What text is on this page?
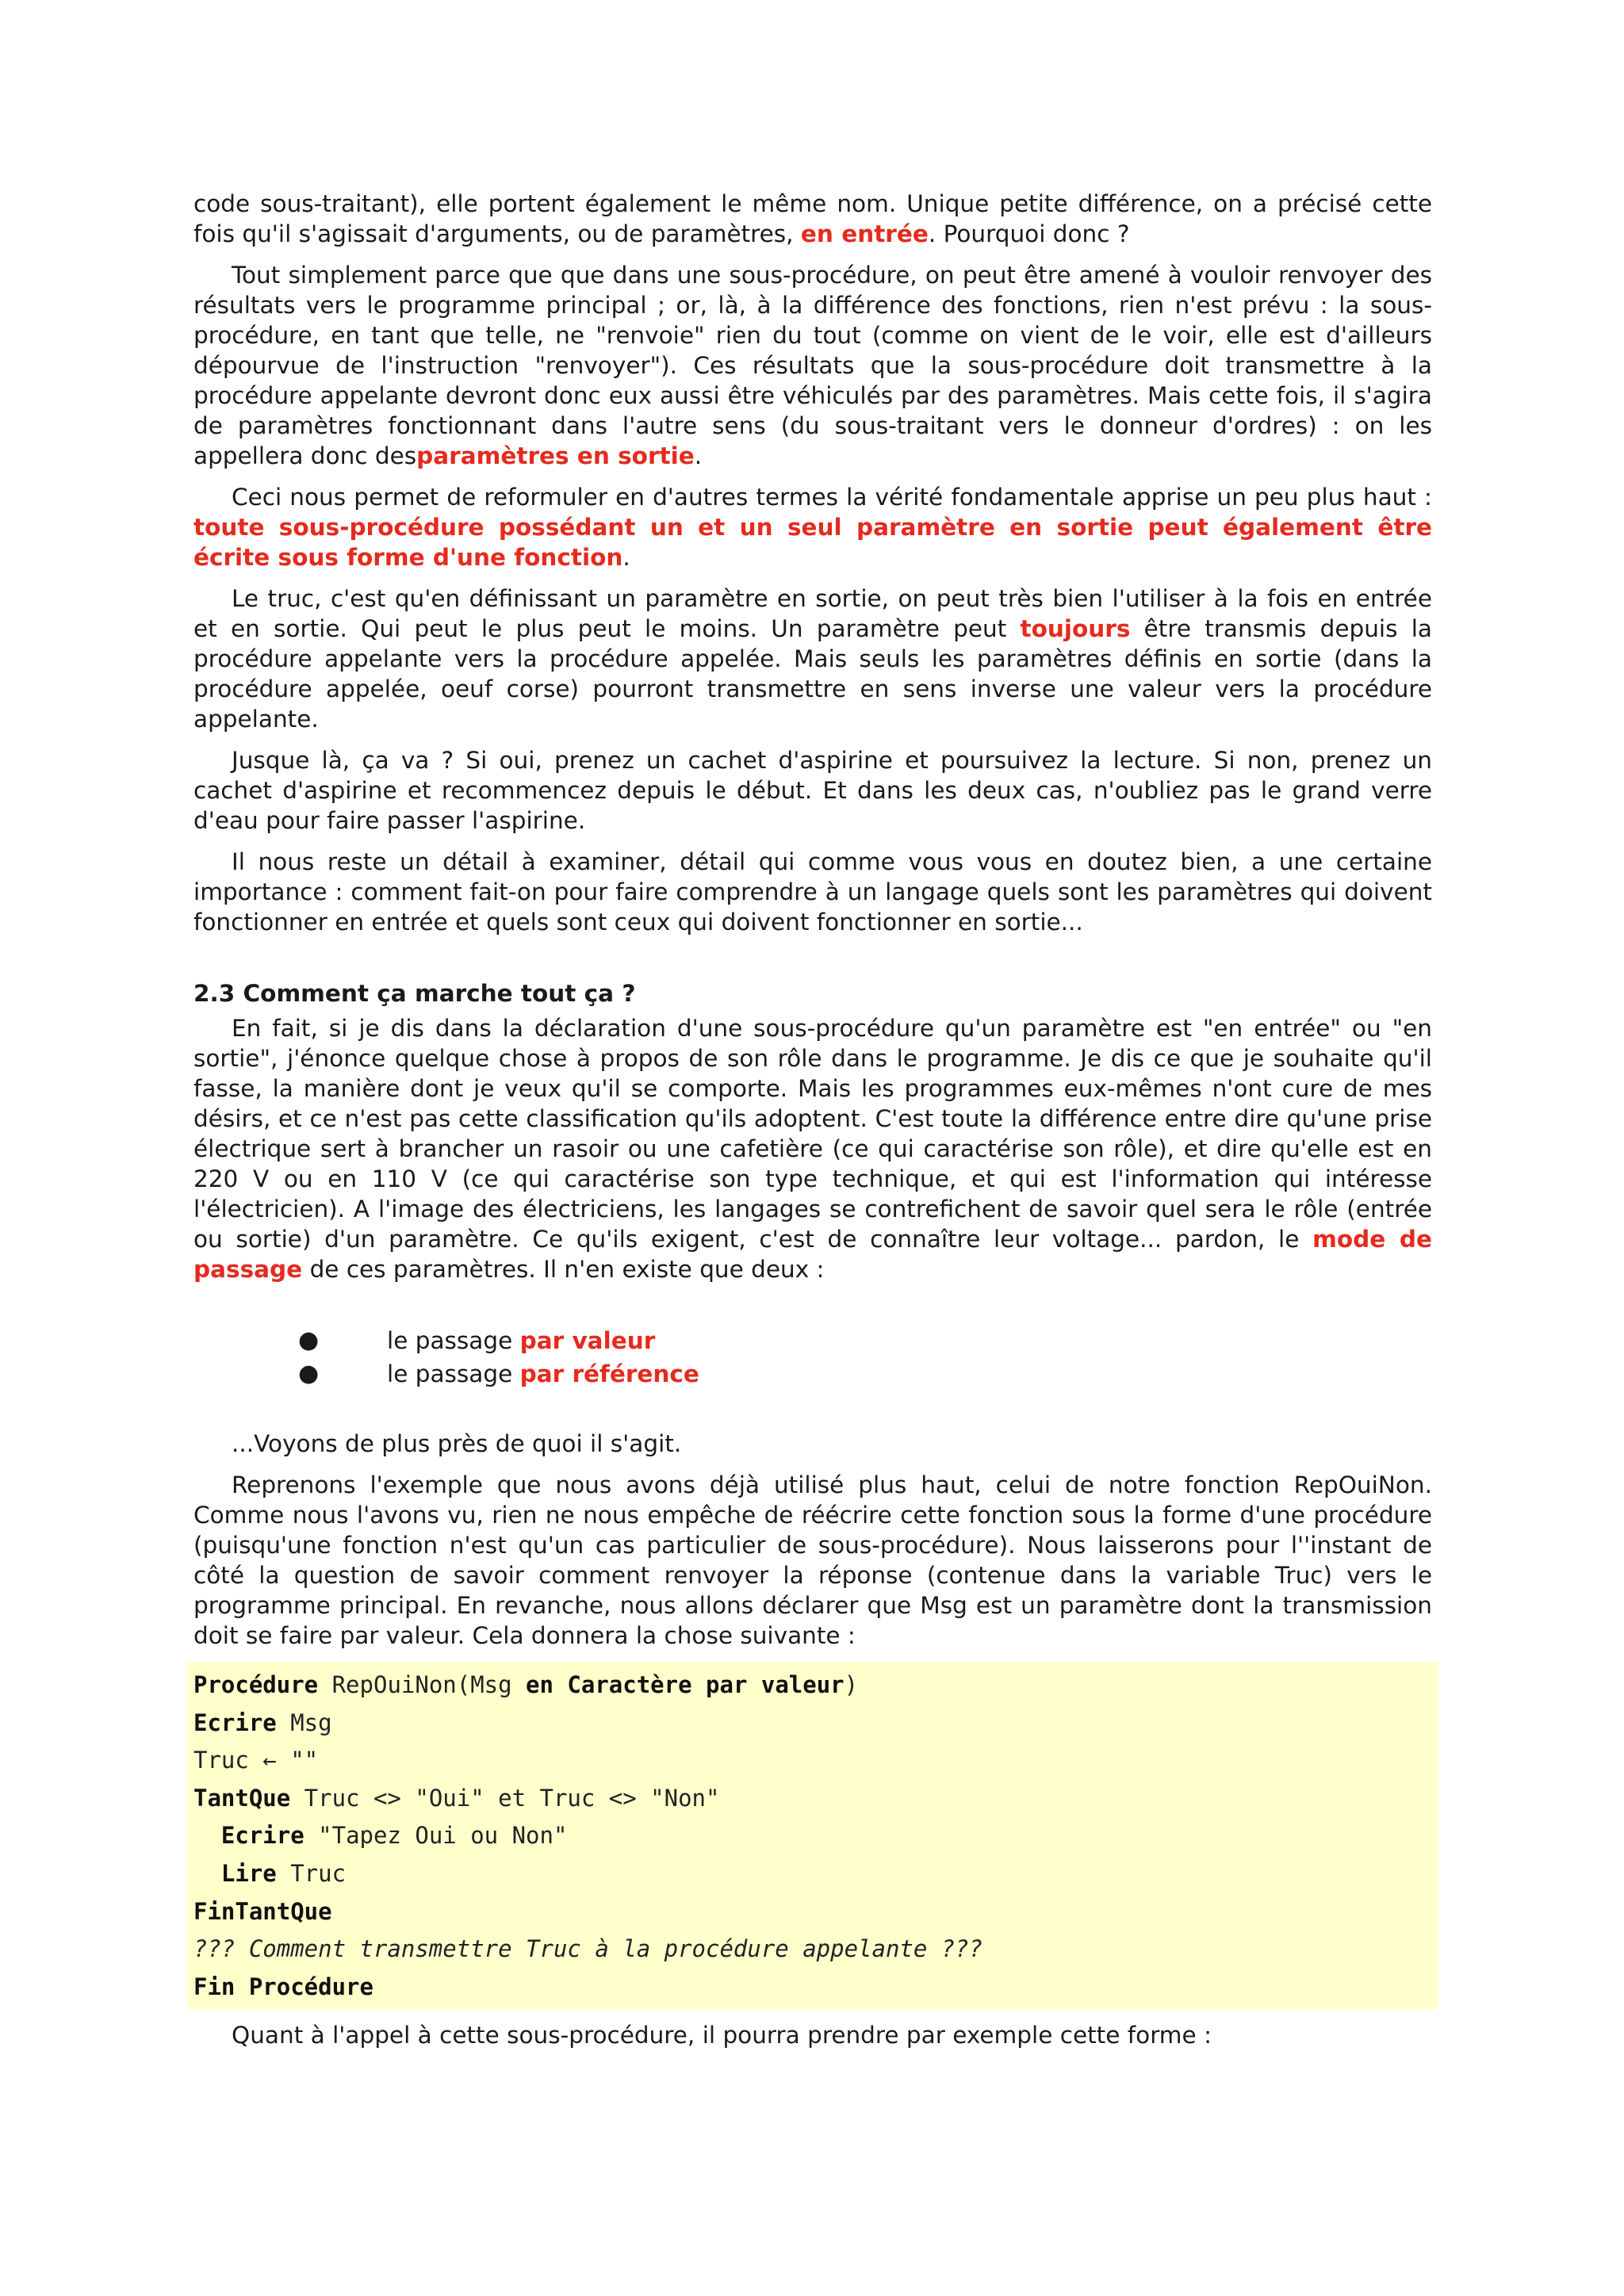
code sous-traitant), elle portent également le même nom. Unique petite différence, on a précisé cette fois qu'il s'agissait d'arguments, ou de paramètres, en entrée. Pourquoi donc ?

Tout simplement parce que que dans une sous-procédure, on peut être amené à vouloir renvoyer des résultats vers le programme principal ; or, là, à la différence des fonctions, rien n'est prévu : la sous-procédure, en tant que telle, ne "renvoie" rien du tout (comme on vient de le voir, elle est d'ailleurs dépourvue de l'instruction "renvoyer"). Ces résultats que la sous-procédure doit transmettre à la procédure appelante devront donc eux aussi être véhiculés par des paramètres. Mais cette fois, il s'agira de paramètres fonctionnant dans l'autre sens (du sous-traitant vers le donneur d'ordres) : on les appellera donc desparamètres en sortie.

Ceci nous permet de reformuler en d'autres termes la vérité fondamentale apprise un peu plus haut : toute sous-procédure possédant un et un seul paramètre en sortie peut également être écrite sous forme d'une fonction.

Le truc, c'est qu'en définissant un paramètre en sortie, on peut très bien l'utiliser à la fois en entrée et en sortie. Qui peut le plus peut le moins. Un paramètre peut toujours être transmis depuis la procédure appelante vers la procédure appelée. Mais seuls les paramètres définis en sortie (dans la procédure appelée, oeuf corse) pourront transmettre en sens inverse une valeur vers la procédure appelante.

Jusque là, ça va ? Si oui, prenez un cachet d'aspirine et poursuivez la lecture. Si non, prenez un cachet d'aspirine et recommencez depuis le début. Et dans les deux cas, n'oubliez pas le grand verre d'eau pour faire passer l'aspirine.

Il nous reste un détail à examiner, détail qui comme vous vous en doutez bien, a une certaine importance : comment fait-on pour faire comprendre à un langage quels sont les paramètres qui doivent fonctionner en entrée et quels sont ceux qui doivent fonctionner en sortie...

2.3 Comment ça marche tout ça ?

En fait, si je dis dans la déclaration d'une sous-procédure qu'un paramètre est "en entrée" ou "en sortie", j'énonce quelque chose à propos de son rôle dans le programme. Je dis ce que je souhaite qu'il fasse, la manière dont je veux qu'il se comporte. Mais les programmes eux-mêmes n'ont cure de mes désirs, et ce n'est pas cette classification qu'ils adoptent. C'est toute la différence entre dire qu'une prise électrique sert à brancher un rasoir ou une cafetière (ce qui caractérise son rôle), et dire qu'elle est en 220 V ou en 110 V (ce qui caractérise son type technique, et qui est l'information qui intéresse l'électricien). A l'image des électriciens, les langages se contrefichent de savoir quel sera le rôle (entrée ou sortie) d'un paramètre. Ce qu'ils exigent, c'est de connaître leur voltage... pardon, le mode de passage de ces paramètres. Il n'en existe que deux :

●	le passage par valeur
●	le passage par référence

...Voyons de plus près de quoi il s'agit.

Reprenons l'exemple que nous avons déjà utilisé plus haut, celui de notre fonction RepOuiNon. Comme nous l'avons vu, rien ne nous empêche de réécrire cette fonction sous la forme d'une procédure (puisqu'une fonction n'est qu'un cas particulier de sous-procédure). Nous laisserons pour l''instant de côté la question de savoir comment renvoyer la réponse (contenue dans la variable Truc) vers le programme principal. En revanche, nous allons déclarer que Msg est un paramètre dont la transmission doit se faire par valeur. Cela donnera la chose suivante :

Procédure RepOuiNon(Msg en Caractère par valeur)
Ecrire Msg
Truc ← ""
TantQue Truc <> "Oui" et Truc <> "Non"
Ecrire "Tapez Oui ou Non"
Lire Truc
FinTantQue
??? Comment transmettre Truc à la procédure appelante ???
Fin Procédure

Quant à l'appel à cette sous-procédure, il pourra prendre par exemple cette forme :
